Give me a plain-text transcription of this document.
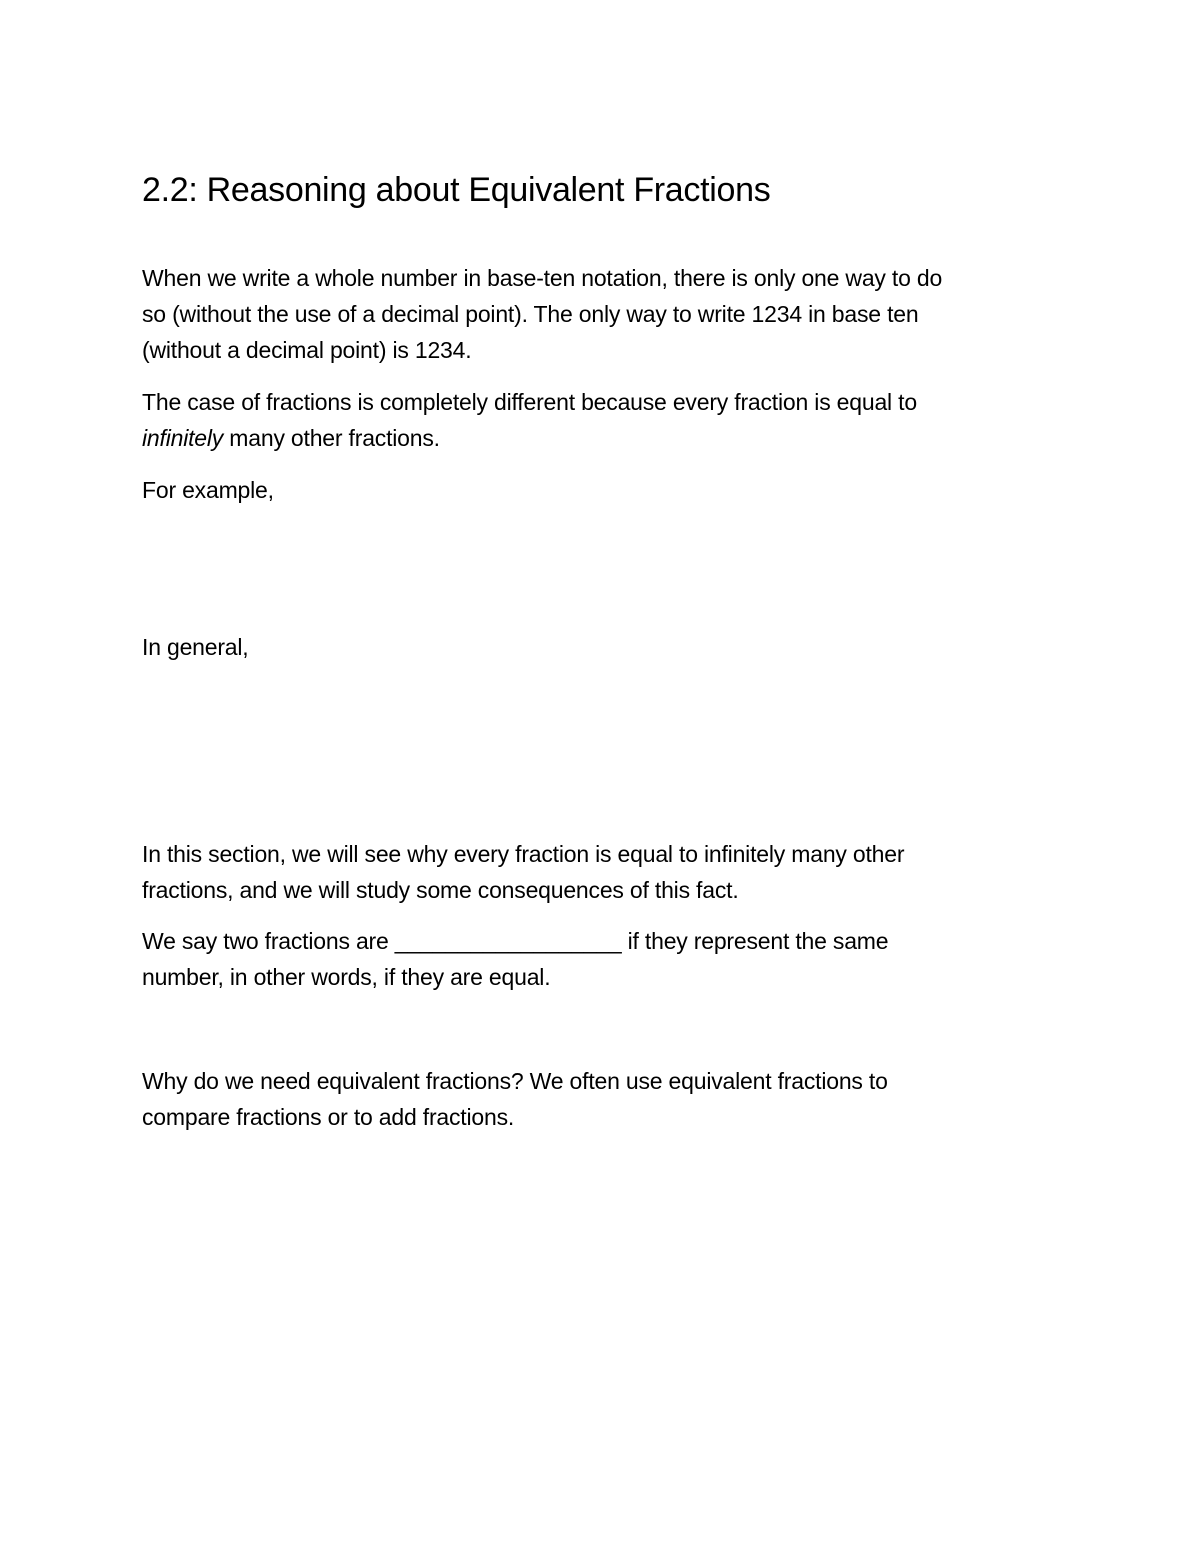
2.2: Reasoning about Equivalent Fractions

When we write a whole number in base-ten notation, there is only one way to do
so (without the use of a decimal point). The only way to write 1234 in base ten
(without a decimal point) is 1234.

The case of fractions is completely different because every fraction is equal to
infinitely many other fractions.

For example,

In general,

In this section, we will see why every fraction is equal to infinitely many other
fractions, and we will study some consequences of this fact.

We say two fractions are __________________ if they represent the same
number, in other words, if they are equal.

Why do we need equivalent fractions? We often use equivalent fractions to
compare fractions or to add fractions.
